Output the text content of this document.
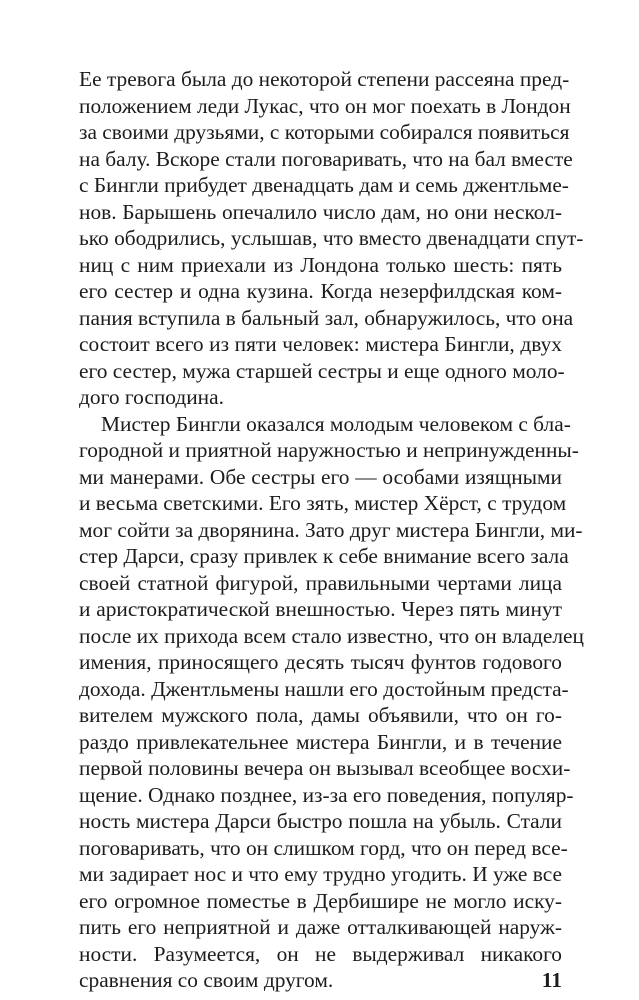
Ее тревога была до некоторой степени рассеяна пред-
положением леди Лукас, что он мог поехать в Лондон
за своими друзьями, с которыми собирался появиться
на балу. Вскоре стали поговаривать, что на бал вместе
с Бингли прибудет двенадцать дам и семь джентльме-
нов. Барышень опечалило число дам, но они нескол-
ько ободрились, услышав, что вместо двенадцати спут-
ниц с ним приехали из Лондона только шесть: пять
его сестер и одна кузина. Когда незерфилдская ком-
пания вступила в бальный зал, обнаружилось, что она
состоит всего из пяти человек: мистера Бингли, двух
его сестер, мужа старшей сестры и еще одного моло-
дого господина.
Мистер Бингли оказался молодым человеком с бла-
городной и приятной наружностью и непринужденны-
ми манерами. Обе сестры его — особами изящными
и весьма светскими. Его зять, мистер Хёрст, с трудом
мог сойти за дворянина. Зато друг мистера Бингли, ми-
стер Дарси, сразу привлек к себе внимание всего зала
своей статной фигурой, правильными чертами лица
и аристократической внешностью. Через пять минут
после их прихода всем стало известно, что он владелец
имения, приносящего десять тысяч фунтов годового
дохода. Джентльмены нашли его достойным предста-
вителем мужского пола, дамы объявили, что он го-
раздо привлекательнее мистера Бингли, и в течение
первой половины вечера он вызывал всеобщее восхи-
щение. Однако позднее, из-за его поведения, популяр-
ность мистера Дарси быстро пошла на убыль. Стали
поговаривать, что он слишком горд, что он перед все-
ми задирает нос и что ему трудно угодить. И уже все
его огромное поместье в Дербишире не могло иску-
пить его неприятной и даже отталкивающей наруж-
ности. Разумеется, он не выдерживал никакого
сравнения со своим другом.	11
